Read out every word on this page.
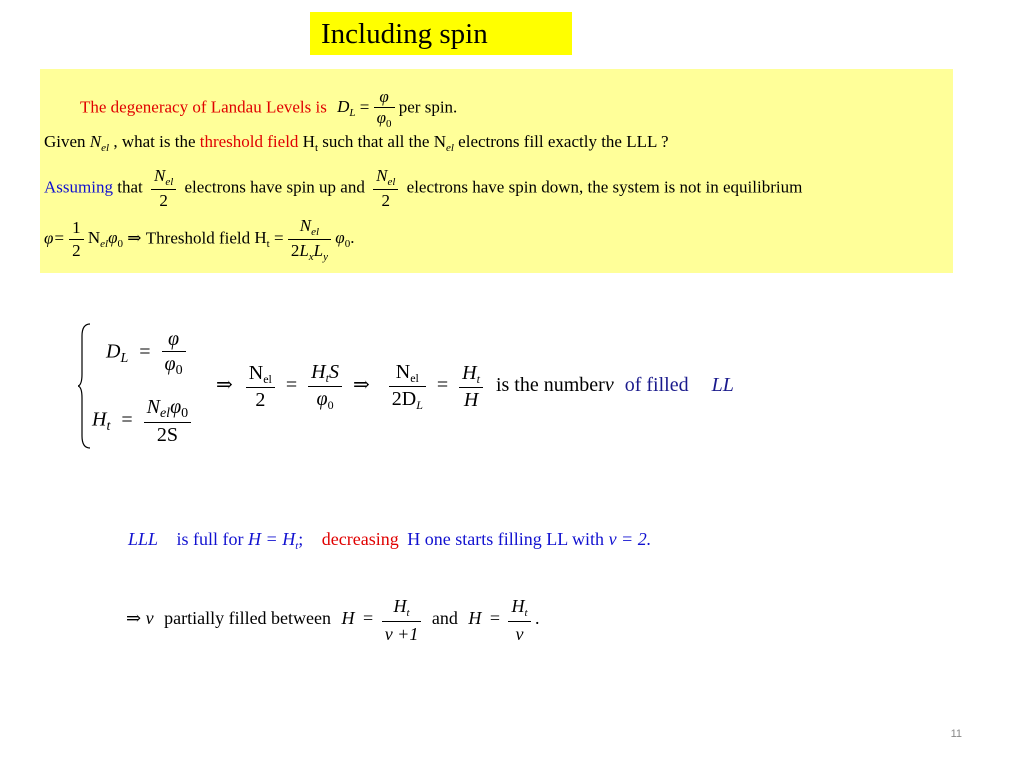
Including spin
The degeneracy of Landau Levels is $D_L = \frac{\varphi}{\varphi_0}$ per spin.
Given $N_{el}$ , what is the threshold field $H_t$ such that all the $N_{el}$ electrons fill exactly the LLL ?
Assuming that $\frac{N_{el}}{2}$ electrons have spin up and $\frac{N_{el}}{2}$ electrons have spin down, the system is not in equilibrium
$\varphi= \frac{1}{2} N_{el}\varphi_0$ ⇒ Threshold field $H_t = \frac{N_{el}}{2L_xL_y} \varphi_0$.
$D_L = \frac{\varphi}{\varphi_0}$
$H_t = \frac{N_{el}\varphi_0}{2S}$
⇒ $\frac{N_{el}}{2} = \frac{H_tS}{\varphi_0}$ ⇒ $\frac{N_{el}}{2D_L} = \frac{H_t}{H}$ is the numberν of filled LL
LLL is full for $H = H_t$; decreasing H one starts filling LL with ν = 2.
⇒ ν partially filled between $H = \frac{H_t}{\nu +1}$ and $H = \frac{H_t}{\nu}$ .
11
